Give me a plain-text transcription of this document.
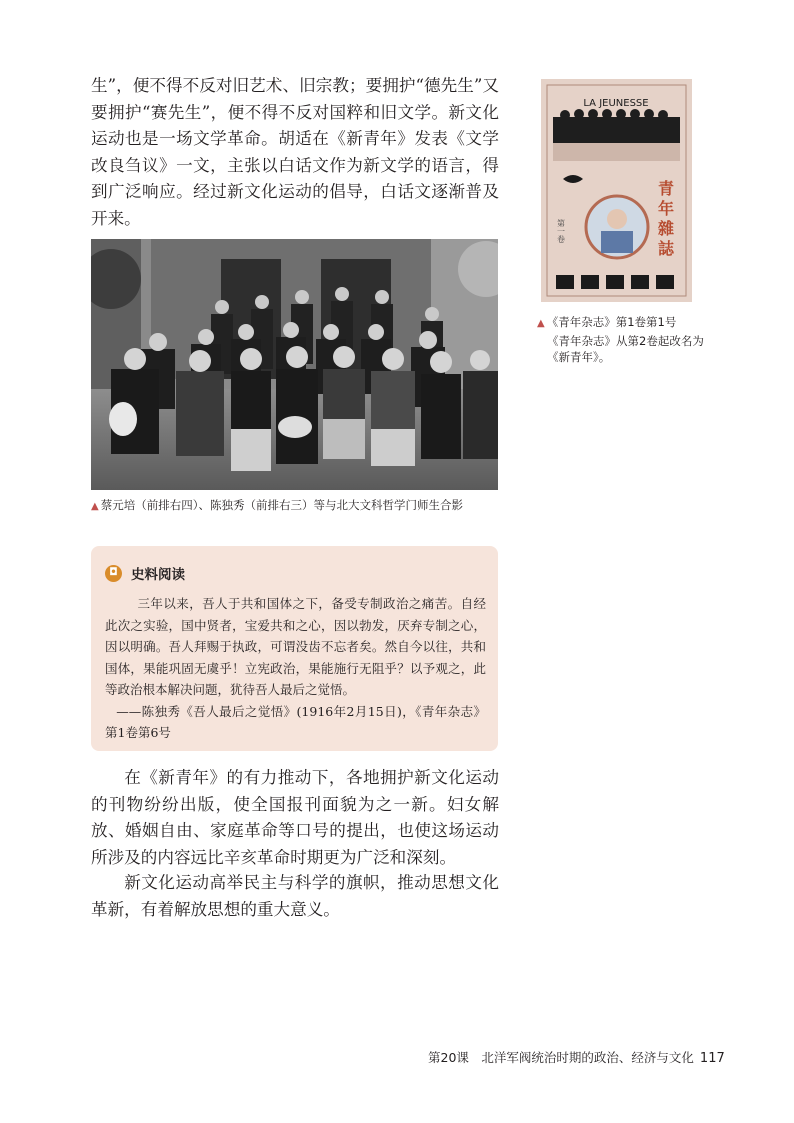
生”，便不得不反对旧艺术、旧宗教；要拥护“德先生”又要拥护“赛先生”，便不得不反对国粹和旧文学。新文化运动也是一场文学革命。胡适在《新青年》发表《文学改良刍议》一文，主张以白话文作为新文学的语言，得到广泛响应。经过新文化运动的倡导，白话文逐渐普及开来。

▲ 蔡元培（前排右四）、陈独秀（前排右三）等与北大文科哲学门师生合影
LA JEUNESSE
青
年
雜
誌
第一卷

▲ 《青年杂志》第1卷第1号

《青年杂志》从第2卷起改名为《新青年》。

◘ 史料阅读

三年以来，吾人于共和国体之下，备受专制政治之痛苦。自经此次之实验，国中贤者，宝爱共和之心，因以勃发，厌弃专制之心，因以明确。吾人拜赐于执政，可谓没齿不忘者矣。然自今以往，共和国体，果能巩固无虞乎！立宪政治，果能施行无阻乎？以予观之，此等政治根本解决问题，犹待吾人最后之觉悟。

——陈独秀《吾人最后之觉悟》(1916年2月15日)，《青年杂志》第1卷第6号

在《新青年》的有力推动下，各地拥护新文化运动的刊物纷纷出版，使全国报刊面貌为之一新。妇女解放、婚姻自由、家庭革命等口号的提出，也使这场运动所涉及的内容远比辛亥革命时期更为广泛和深刻。

新文化运动高举民主与科学的旗帜，推动思想文化革新，有着解放思想的重大意义。

第20课　北洋军阀统治时期的政治、经济与文化 117
